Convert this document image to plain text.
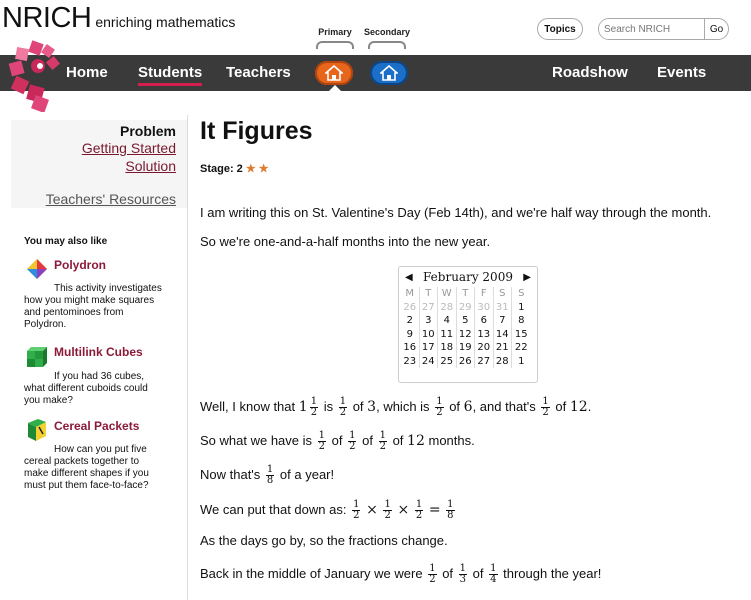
NRICH enriching mathematics
Primary Secondary	Topics
Search NRICH	Go
Home Students Teachers	Roadshow Events
Problem
Getting Started
Solution
Teachers' Resources
You may also like
Polydron
This activity investigates
how you might make squares
and pentominoes from
Polydron.
Multilink Cubes
If you had 36 cubes,
what different cuboids could
you make?
Cereal Packets
How can you put five
cereal packets together to
make different shapes if you
must put them face-to-face?
It Figures
Stage: 2 ★ ★
I am writing this on St. Valentine's Day (Feb 14th), and we're half way through the month.
So we're one-and-a-half months into the new year.
◀ February 2009 ▶
M	T	W	T	F	S	S
26 27 28 29 30 31 1
2	3	4	5	6	7	8
9 10 11 12 13 14 15
16 17 18 19 20 21 22
23 24 25 26 27 28 1
Well, I know that $1 \frac{1}{2}$ is $\frac{1}{2}$ of 3, which is $\frac{1}{2}$ of 6, and that's $\frac{1}{2}$ of 12.
So what we have is $\frac{1}{2}$ of $\frac{1}{2}$ of $\frac{1}{2}$ of 12 months.
Now that's $\frac{1}{8}$ of a year!
We can put that down as: $\frac{1}{2} \times \frac{1}{2} \times \frac{1}{2} = \frac{1}{8}$
As the days go by, so the fractions change.
Back in the middle of January we were $\frac{1}{2}$ of $\frac{1}{3}$ of $\frac{1}{4}$ through the year!
